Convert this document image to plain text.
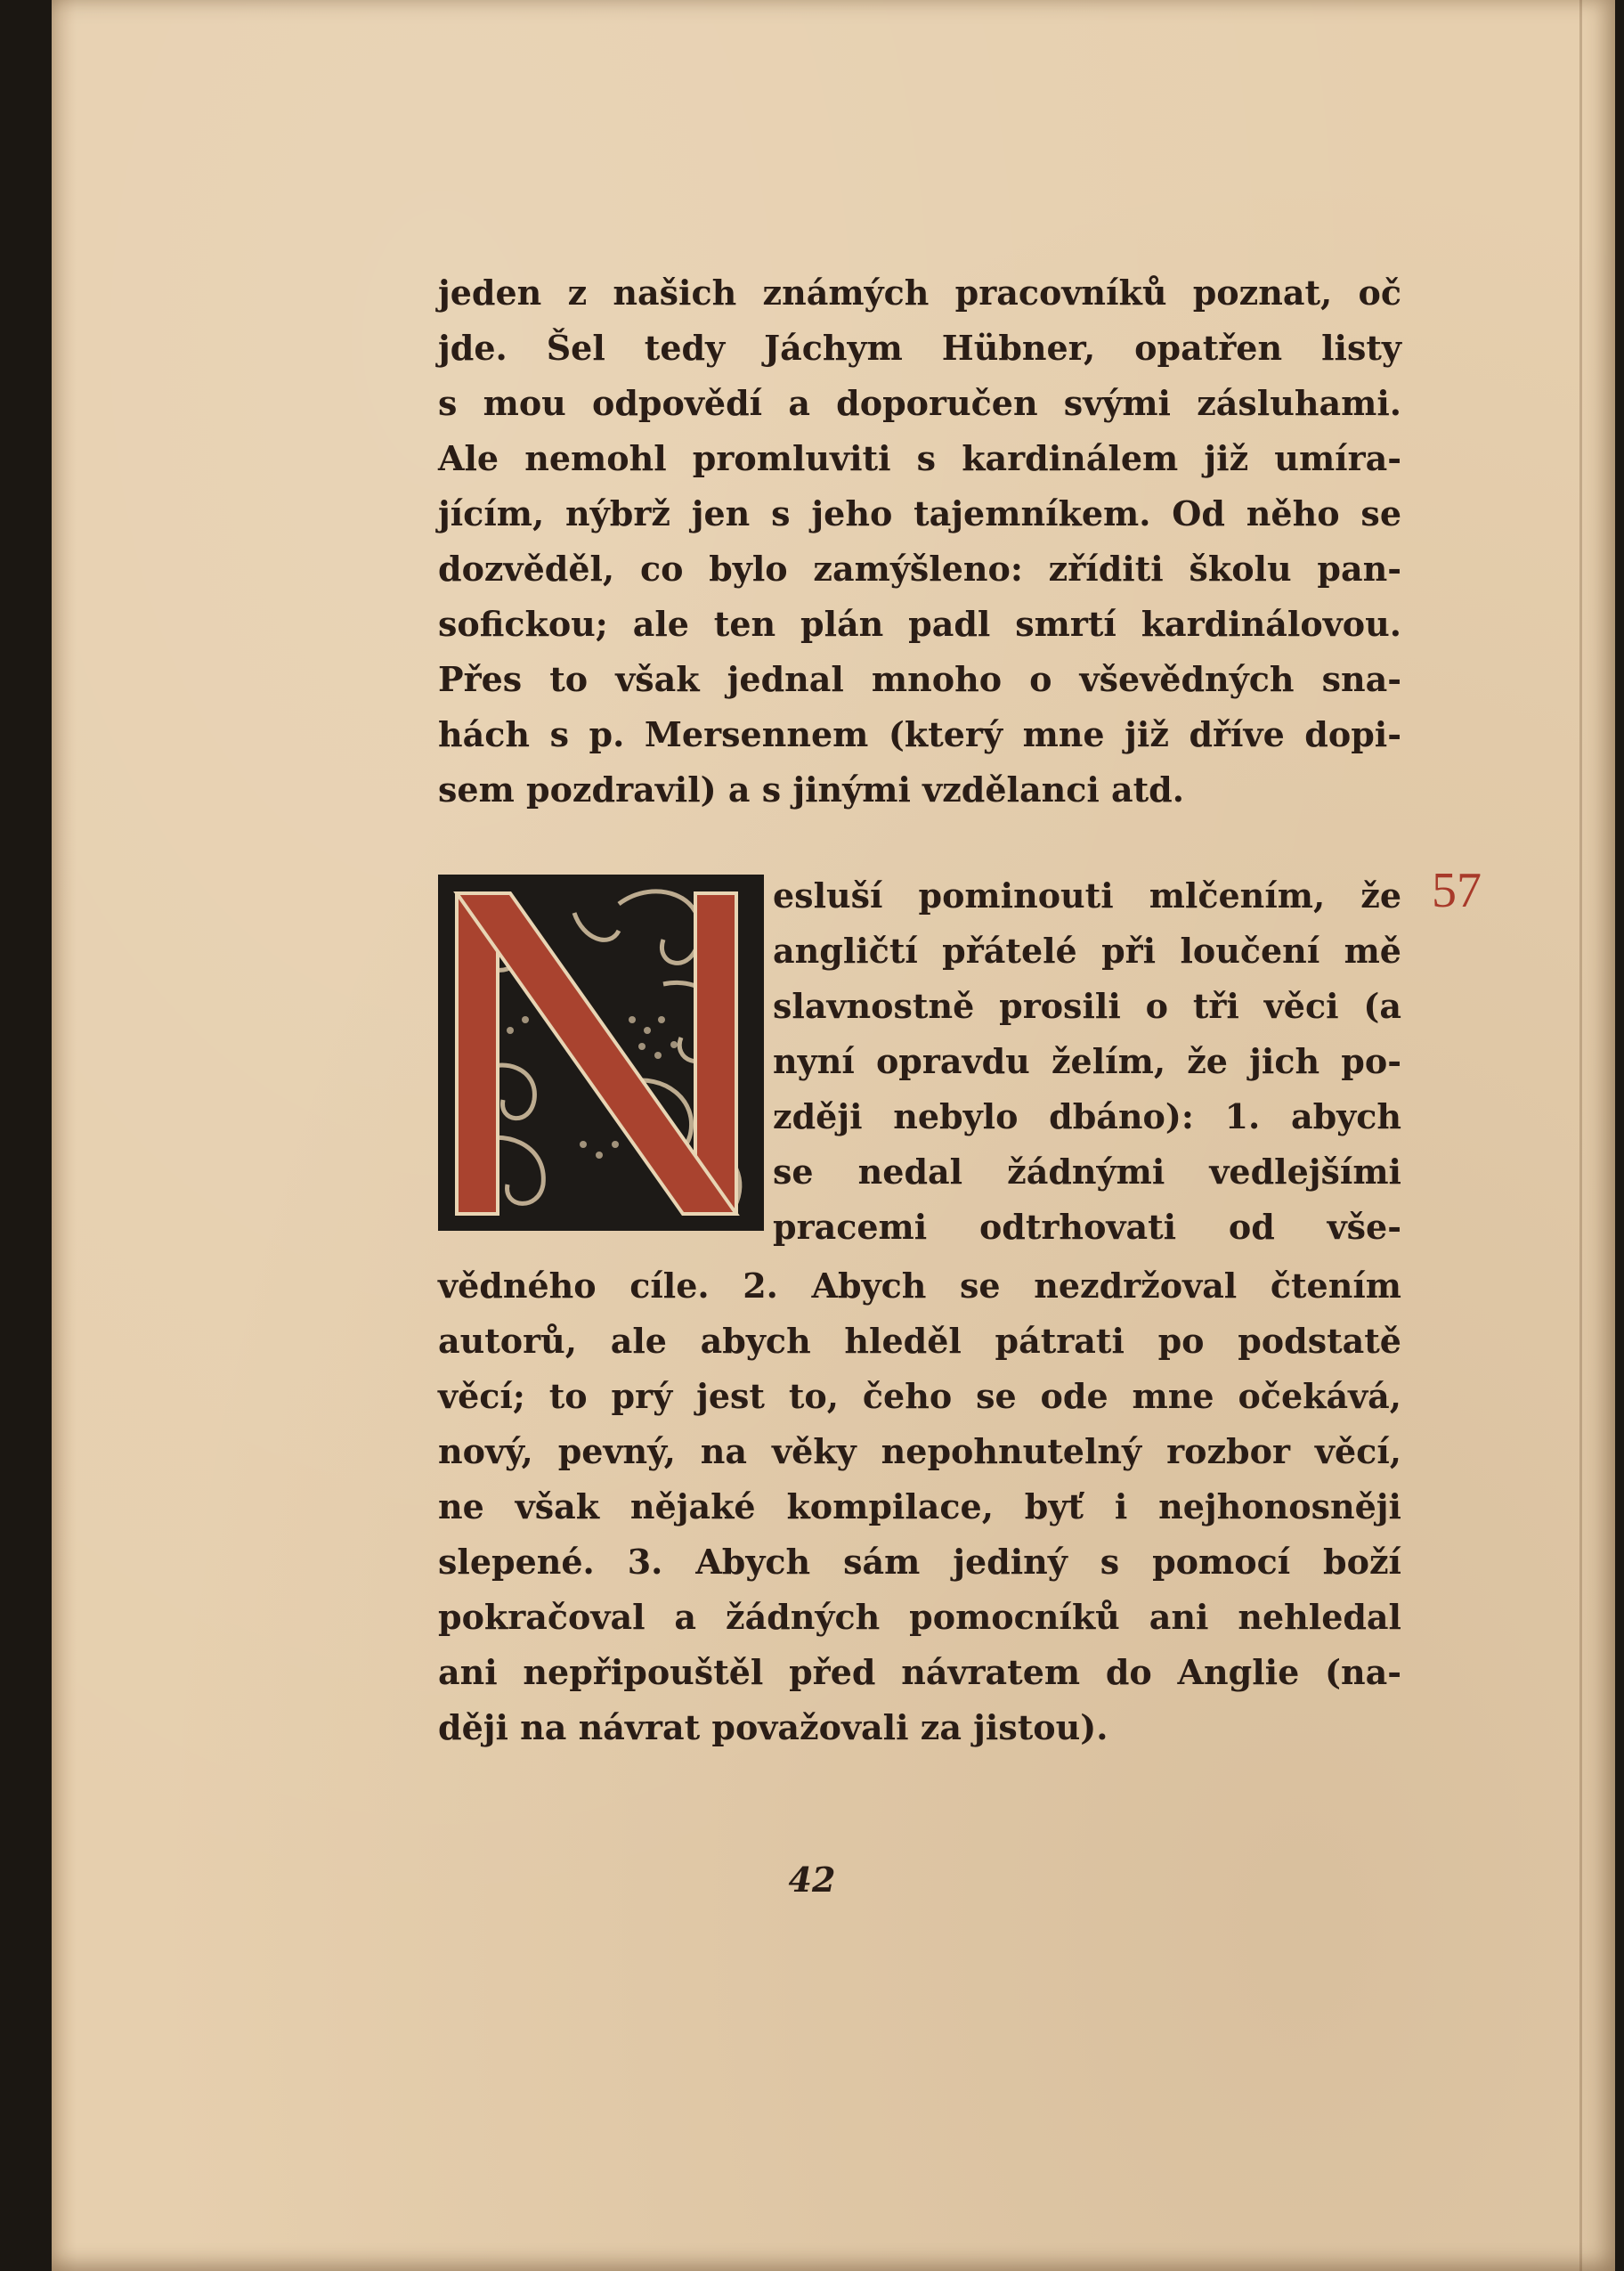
jeden z našich známých pracovníků poznat, oč
jde. Šel tedy Jáchym Hübner, opatřen listy
s mou odpovědí a doporučen svými zásluhami.
Ale nemohl promluviti s kardinálem již umíra-
jícím, nýbrž jen s jeho tajemníkem. Od něho se
dozvěděl, co bylo zamýšleno: zříditi školu pan-
sofickou; ale ten plán padl smrtí kardinálovou.
Přes to však jednal mnoho o vševědných sna-
hách s p. Mersennem (který mne již dříve dopi-
sem pozdravil) a s jinými vzdělanci atd.
esluší pominouti mlčením, že
angličtí přátelé při loučení mě
slavnostně prosili o tři věci (a
nyní opravdu želím, že jich po-
zději nebylo dbáno): 1. abych
se nedal žádnými vedlejšími
pracemi odtrhovati od vše-
vědného cíle. 2. Abych se nezdržoval čtením
autorů, ale abych hleděl pátrati po podstatě
věcí; to prý jest to, čeho se ode mne očekává,
nový, pevný, na věky nepohnutelný rozbor věcí,
ne však nějaké kompilace, byť i nejhonosněji
slepené. 3. Abych sám jediný s pomocí boží
pokračoval a žádných pomocníků ani nehledal
ani nepřipouštěl před návratem do Anglie (na-
ději na návrat považovali za jistou).
57
42
